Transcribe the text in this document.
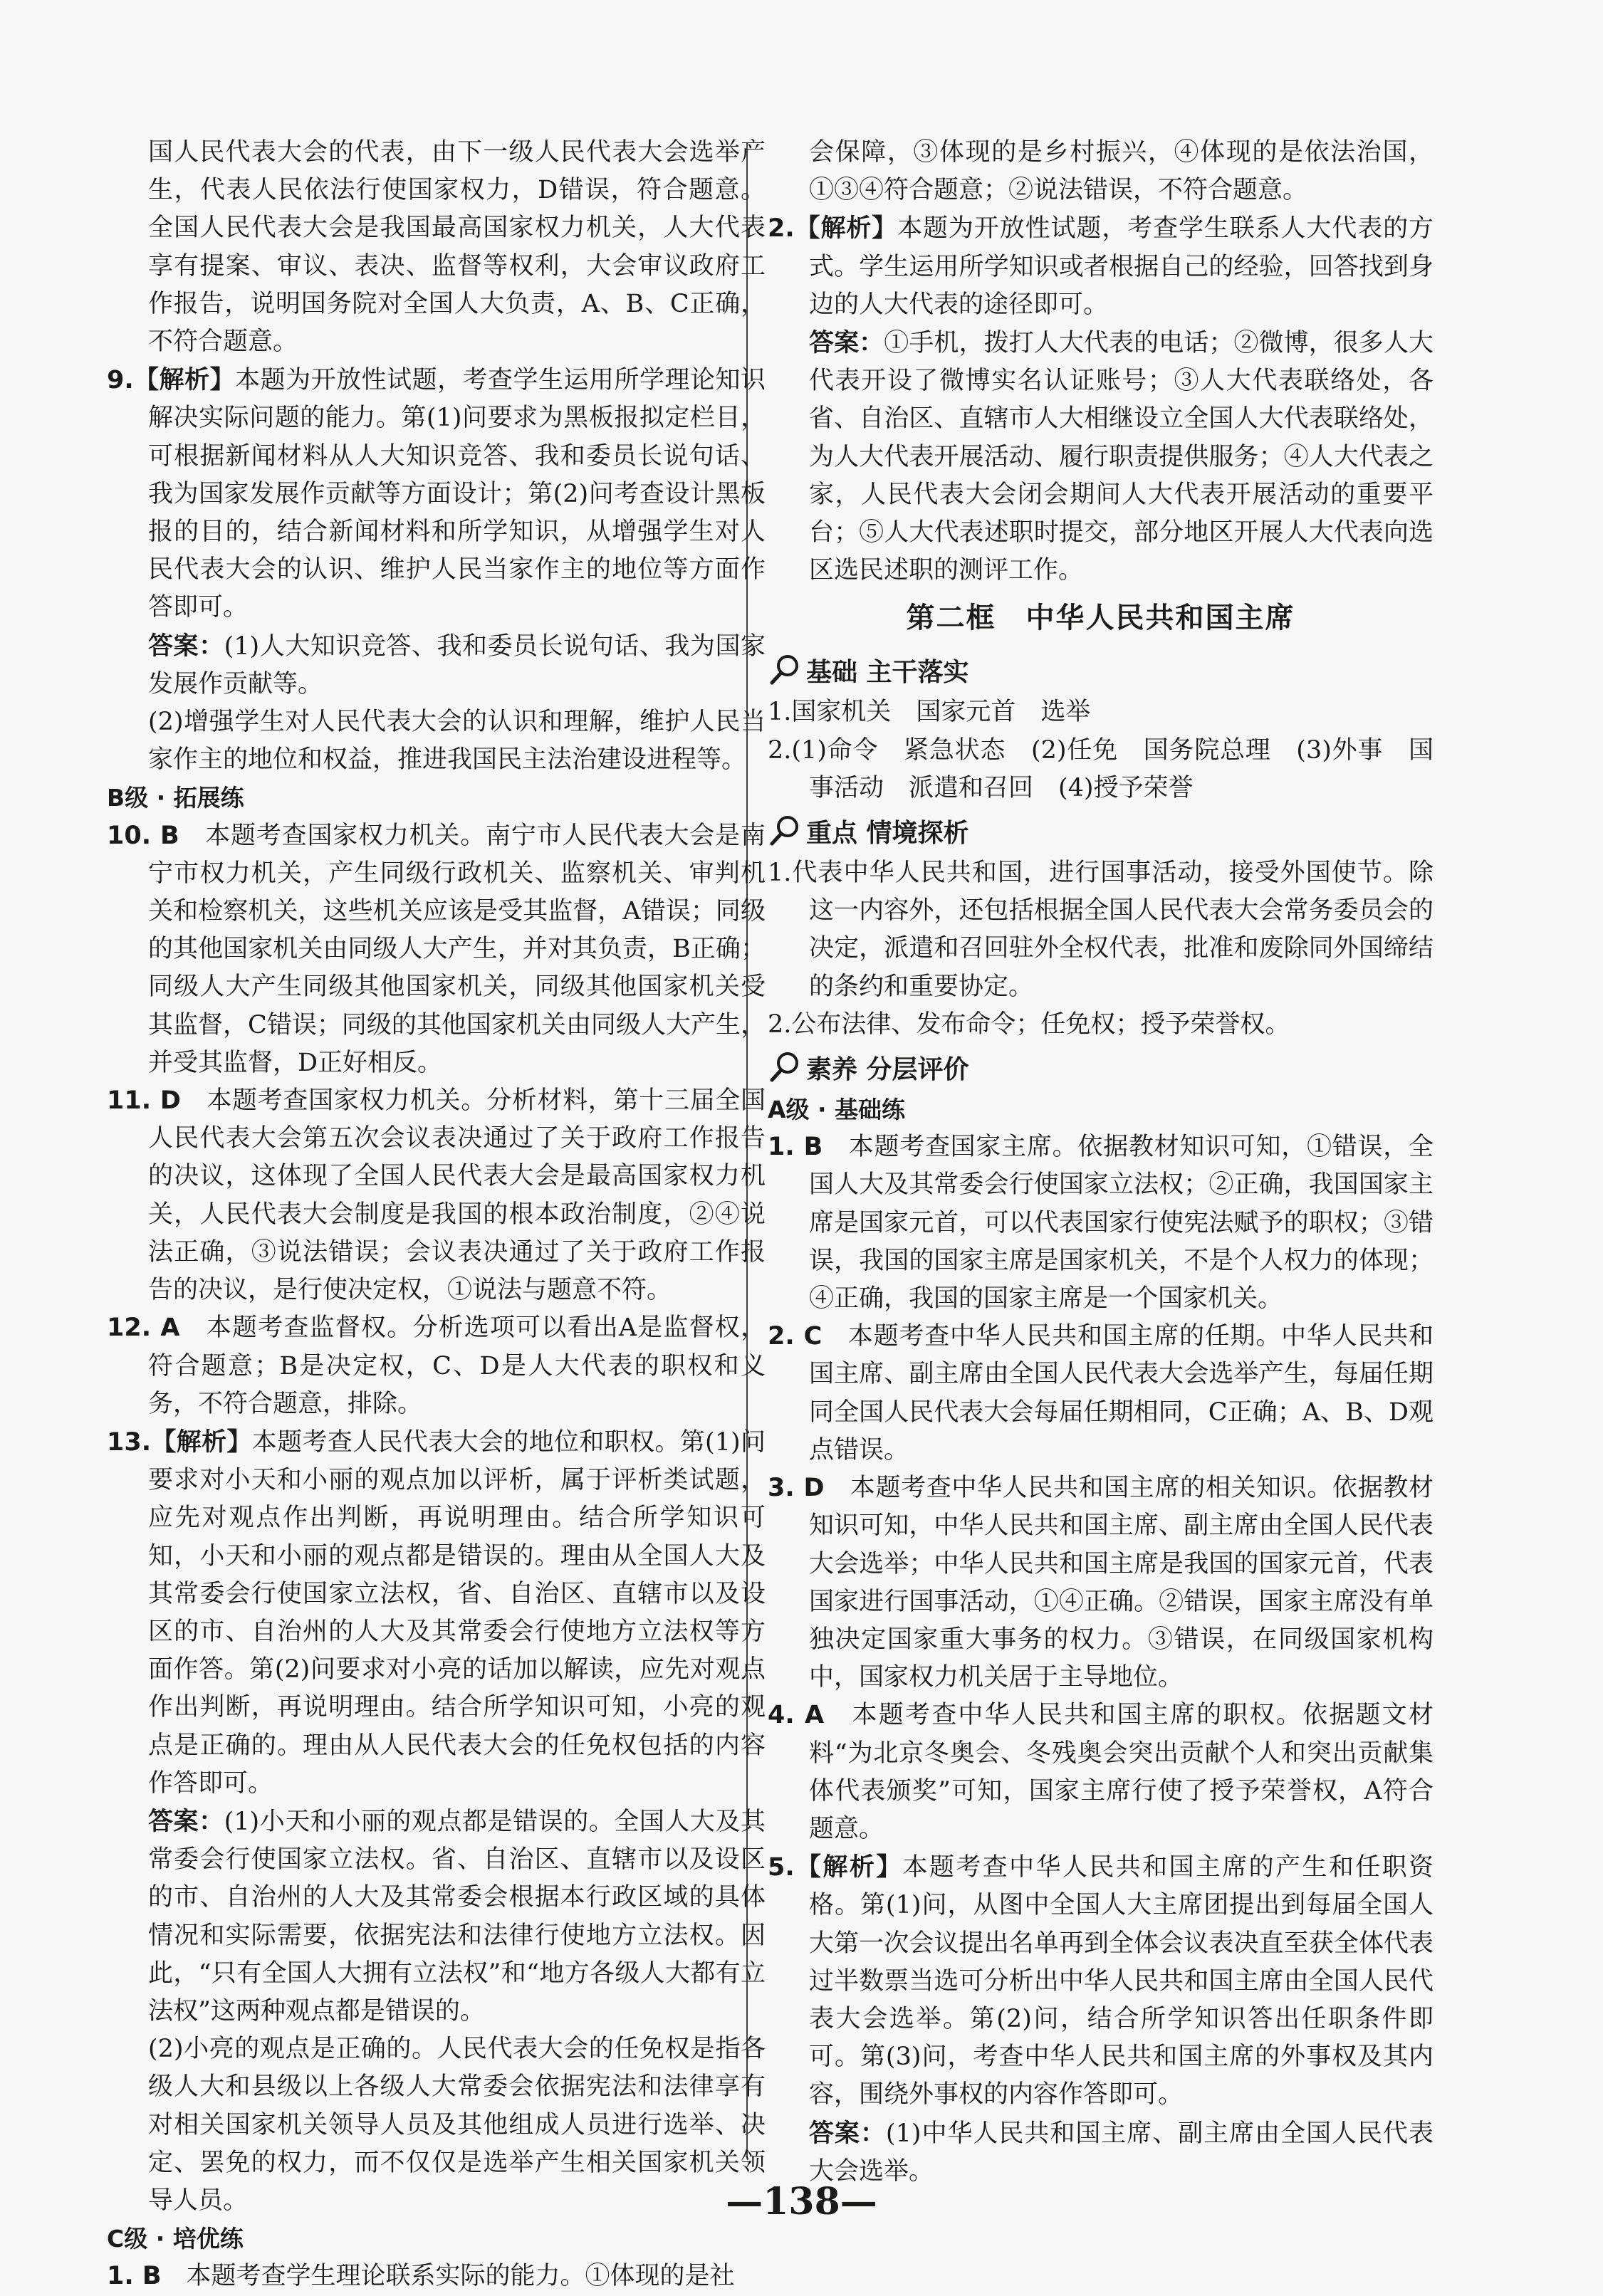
国人民代表大会的代表，由下一级人民代表大会选举产生，代表人民依法行使国家权力，D错误，符合题意。全国人民代表大会是我国最高国家权力机关，人大代表享有提案、审议、表决、监督等权利，大会审议政府工作报告，说明国务院对全国人大负责，A、B、C正确，不符合题意。

9.【解析】本题为开放性试题，考查学生运用所学理论知识解决实际问题的能力。第(1)问要求为黑板报拟定栏目，可根据新闻材料从人大知识竞答、我和委员长说句话、我为国家发展作贡献等方面设计；第(2)问考查设计黑板报的目的，结合新闻材料和所学知识，从增强学生对人民代表大会的认识、维护人民当家作主的地位等方面作答即可。

答案：(1)人大知识竞答、我和委员长说句话、我为国家发展作贡献等。

(2)增强学生对人民代表大会的认识和理解，维护人民当家作主的地位和权益，推进我国民主法治建设进程等。

B级 · 拓展练

10. B　 本题考查国家权力机关。南宁市人民代表大会是南宁市权力机关，产生同级行政机关、监察机关、审判机关和检察机关，这些机关应该是受其监督，A错误；同级的其他国家机关由同级人大产生，并对其负责，B正确；同级人大产生同级其他国家机关，同级其他国家机关受其监督，C错误；同级的其他国家机关由同级人大产生，并受其监督，D正好相反。

11. D　 本题考查国家权力机关。分析材料，第十三届全国人民代表大会第五次会议表决通过了关于政府工作报告的决议，这体现了全国人民代表大会是最高国家权力机关，人民代表大会制度是我国的根本政治制度，②④说法正确，③说法错误；会议表决通过了关于政府工作报告的决议，是行使决定权，①说法与题意不符。

12. A　 本题考查监督权。分析选项可以看出A是监督权，符合题意；B是决定权，C、D是人大代表的职权和义务，不符合题意，排除。

13.【解析】本题考查人民代表大会的地位和职权。第(1)问要求对小天和小丽的观点加以评析，属于评析类试题，应先对观点作出判断，再说明理由。结合所学知识可知，小天和小丽的观点都是错误的。理由从全国人大及其常委会行使国家立法权，省、自治区、直辖市以及设区的市、自治州的人大及其常委会行使地方立法权等方面作答。第(2)问要求对小亮的话加以解读，应先对观点作出判断，再说明理由。结合所学知识可知，小亮的观点是正确的。理由从人民代表大会的任免权包括的内容作答即可。

答案：(1)小天和小丽的观点都是错误的。全国人大及其常委会行使国家立法权。省、自治区、直辖市以及设区的市、自治州的人大及其常委会根据本行政区域的具体情况和实际需要，依据宪法和法律行使地方立法权。因此，“只有全国人大拥有立法权”和“地方各级人大都有立法权”这两种观点都是错误的。

(2)小亮的观点是正确的。人民代表大会的任免权是指各级人大和县级以上各级人大常委会依据宪法和法律享有对相关国家机关领导人员及其他组成人员进行选举、决定、罢免的权力，而不仅仅是选举产生相关国家机关领导人员。

C级 · 培优练

1. B　 本题考查学生理论联系实际的能力。①体现的是社

会保障，③体现的是乡村振兴，④体现的是依法治国，①③④符合题意；②说法错误，不符合题意。

2.【解析】本题为开放性试题，考查学生联系人大代表的方式。学生运用所学知识或者根据自己的经验，回答找到身边的人大代表的途径即可。

答案：①手机，拨打人大代表的电话；②微博，很多人大代表开设了微博实名认证账号；③人大代表联络处，各省、自治区、直辖市人大相继设立全国人大代表联络处，为人大代表开展活动、履行职责提供服务；④人大代表之家，人民代表大会闭会期间人大代表开展活动的重要平台；⑤人大代表述职时提交，部分地区开展人大代表向选区选民述职的测评工作。

第二框　中华人民共和国主席
基础 主干落实

1.国家机关　国家元首　选举

2.(1)命令　紧急状态　(2)任免　国务院总理　(3)外事　国事活动　派遣和召回　(4)授予荣誉

重点 情境探析

1.代表中华人民共和国，进行国事活动，接受外国使节。除这一内容外，还包括根据全国人民代表大会常务委员会的决定，派遣和召回驻外全权代表，批准和废除同外国缔结的条约和重要协定。

2.公布法律、发布命令；任免权；授予荣誉权。

素养 分层评价

A级 · 基础练

1. B　 本题考查国家主席。依据教材知识可知，①错误，全国人大及其常委会行使国家立法权；②正确，我国国家主席是国家元首，可以代表国家行使宪法赋予的职权；③错误，我国的国家主席是国家机关，不是个人权力的体现；④正确，我国的国家主席是一个国家机关。

2. C　 本题考查中华人民共和国主席的任期。中华人民共和国主席、副主席由全国人民代表大会选举产生，每届任期同全国人民代表大会每届任期相同，C正确；A、B、D观点错误。

3. D　 本题考查中华人民共和国主席的相关知识。依据教材知识可知，中华人民共和国主席、副主席由全国人民代表大会选举；中华人民共和国主席是我国的国家元首，代表国家进行国事活动，①④正确。②错误，国家主席没有单独决定国家重大事务的权力。③错误，在同级国家机构中，国家权力机关居于主导地位。

4. A　 本题考查中华人民共和国主席的职权。依据题文材料“为北京冬奥会、冬残奥会突出贡献个人和突出贡献集体代表颁奖”可知，国家主席行使了授予荣誉权，A符合题意。

5.【解析】本题考查中华人民共和国主席的产生和任职资格。第(1)问，从图中全国人大主席团提出到每届全国人大第一次会议提出名单再到全体会议表决直至获全体代表过半数票当选可分析出中华人民共和国主席由全国人民代表大会选举。第(2)问，结合所学知识答出任职条件即可。第(3)问，考查中华人民共和国主席的外事权及其内容，围绕外事权的内容作答即可。

答案：(1)中华人民共和国主席、副主席由全国人民代表大会选举。

—138—
